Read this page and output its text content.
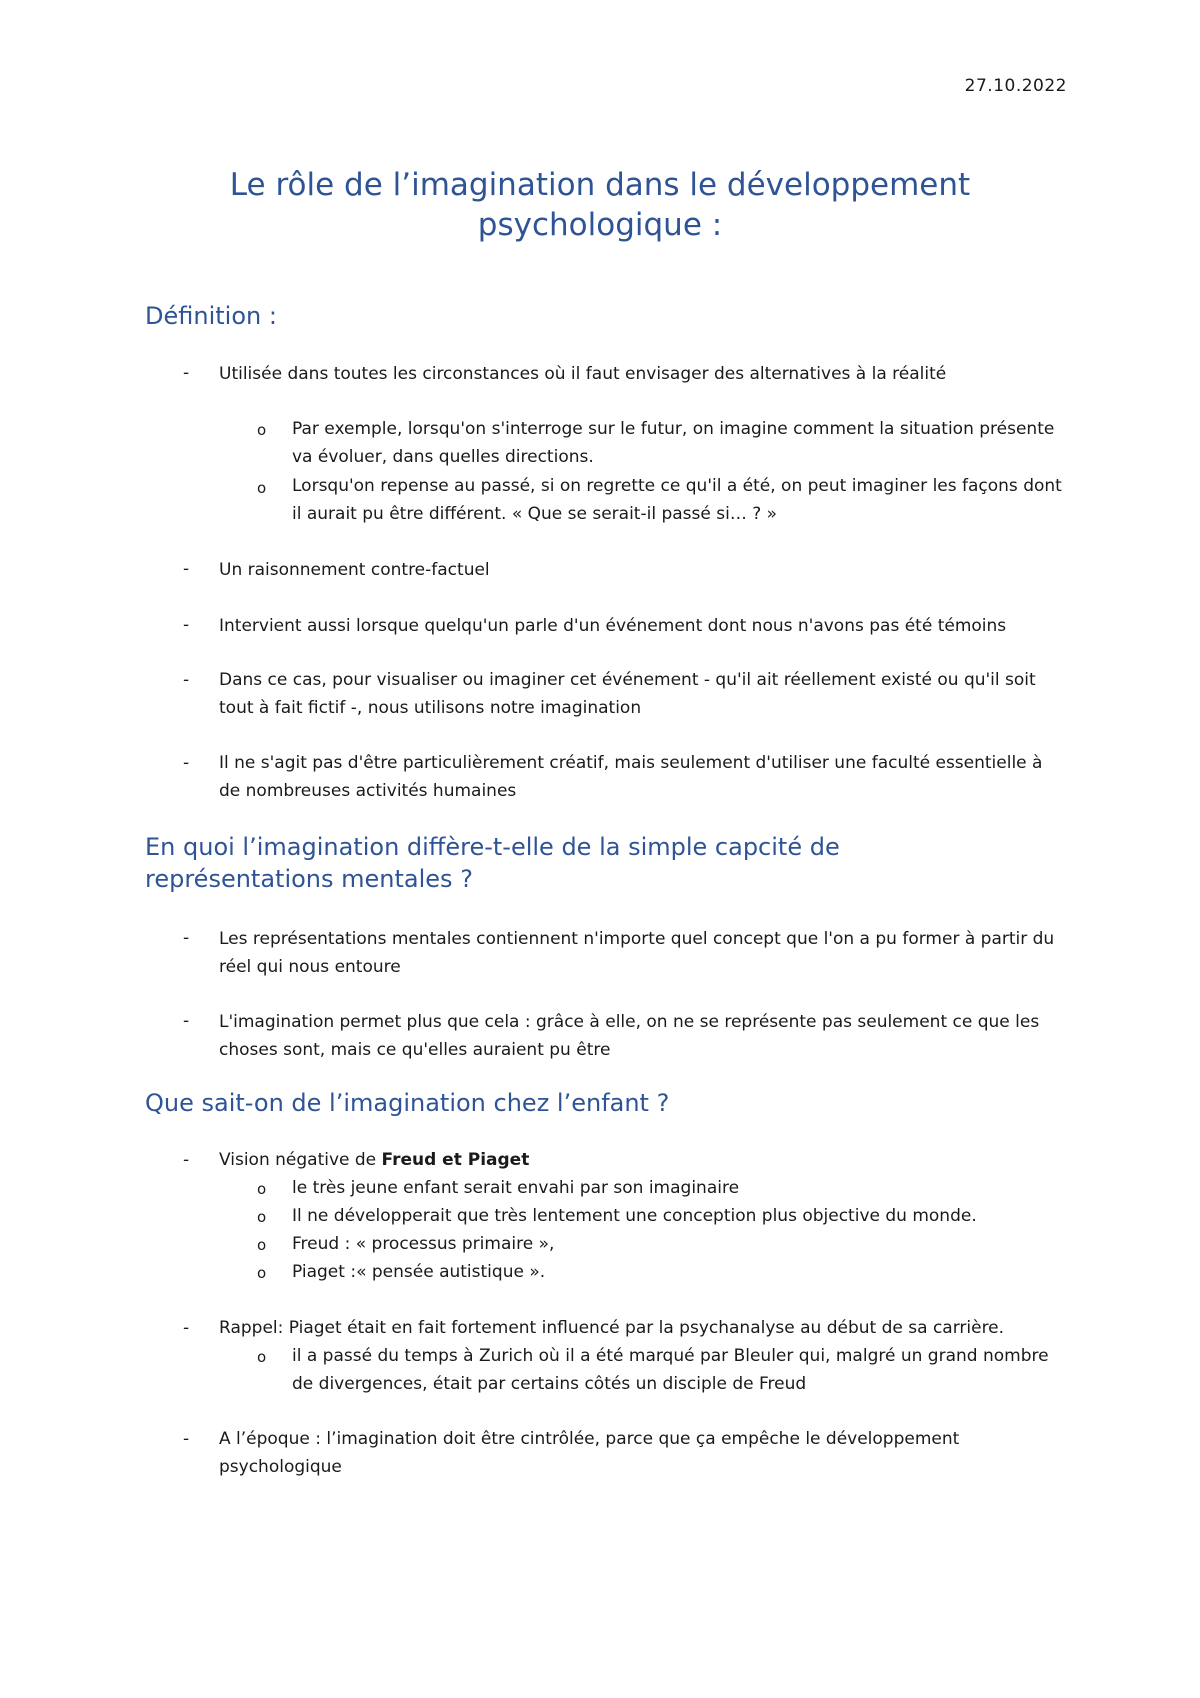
27.10.2022
Le rôle de l’imagination dans le développement psychologique :
Définition :
- Utilisée dans toutes les circonstances où il faut envisager des alternatives à la réalité
o Par exemple, lorsqu'on s'interroge sur le futur, on imagine comment la situation présente va évoluer, dans quelles directions.
o Lorsqu'on repense au passé, si on regrette ce qu'il a été, on peut imaginer les façons dont il aurait pu être différent. « Que se serait-il passé si… ? »
- Un raisonnement contre-factuel
- Intervient aussi lorsque quelqu'un parle d'un événement dont nous n'avons pas été témoins
- Dans ce cas, pour visualiser ou imaginer cet événement - qu'il ait réellement existé ou qu'il soit tout à fait fictif -, nous utilisons notre imagination
- Il ne s'agit pas d'être particulièrement créatif, mais seulement d'utiliser une faculté essentielle à de nombreuses activités humaines
En quoi l’imagination diffère-t-elle de la simple capcité de représentations mentales ?
- Les représentations mentales contiennent n'importe quel concept que l'on a pu former à partir du réel qui nous entoure
- L'imagination permet plus que cela : grâce à elle, on ne se représente pas seulement ce que les choses sont, mais ce qu'elles auraient pu être
Que sait-on de l’imagination chez l’enfant ?
- Vision négative de Freud et Piaget
o le très jeune enfant serait envahi par son imaginaire
o Il ne développerait que très lentement une conception plus objective du monde.
o Freud : « processus primaire »,
o Piaget :« pensée autistique ».
- Rappel: Piaget était en fait fortement influencé par la psychanalyse au début de sa carrière.
o il a passé du temps à Zurich où il a été marqué par Bleuler qui, malgré un grand nombre de divergences, était par certains côtés un disciple de Freud
- A l’époque : l’imagination doit être cintrôlée, parce que ça empêche le développement psychologique
